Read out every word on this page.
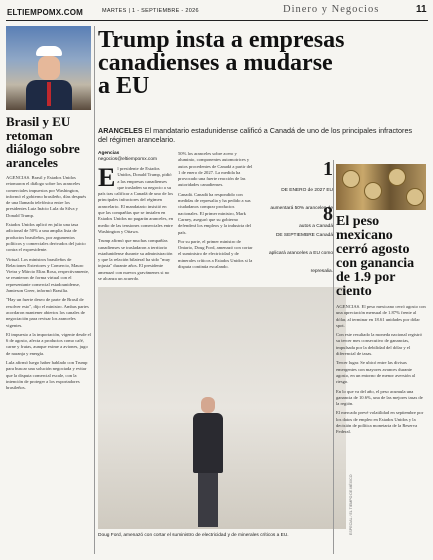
ELTIEMPOMX.COM	MARTES | 1 - SEPTIEMBRE - 2026	Dinero y Negocios	11
Brasil y EU retoman diálogo sobre aranceles

AGENCIAS. Brasil y Estados Unidos retomaron el diálogo sobre los aranceles comerciales impuestos por Washington, informó el gobierno brasileño, días después de una llamada telefónica entre los presidentes Luiz Inácio Lula da Silva y Donald Trump.

Estados Unidos aplicó en julio una tasa adicional de 50% a una amplia lista de productos brasileños, por argumentos políticos y comerciales derivados del juicio contra el expresidente.

Virtual. Los ministros brasileños de Relaciones Exteriores y Comercio, Mauro Vieira y Márcio Elias Rosa, respectivamente, se reunieron de forma virtual con el representante comercial estadounidense, Jamieson Greer, informó Brasilia.

"Hay un fuerte deseo de parte de Brasil de resolver esto", dijo el ministro. Ambas partes acordaron mantener abiertos los canales de negociación para revisar los aranceles vigentes.

El impuesto a la importación, vigente desde el 6 de agosto, afecta a productos como café, carne y frutas, aunque exime a aviones, jugo de naranja y energía.

Lula afirmó luego haber hablado con Trump para buscar una solución negociada y evitar que la disputa comercial escale, con la intención de proteger a los exportadores brasileños.

Trump insta a empresas canadienses a mudarse a EU
ARANCELES El mandatario estadunidense calificó a Canadá de uno de los principales infractores del régimen arancelario.
Agencias
negocios@eltiempomx.com
E l presidente de Estados Unidos, Donald Trump, pidió a las empresas canadienses que trasladen su negocio a su país tras calificar a Canadá de uno de los principales infractores del régimen arancelario. El mandatario insistió en que las compañías que se instalen en Estados Unidos no pagarán aranceles, en medio de las tensiones comerciales entre Washington y Ottawa.

Trump afirmó que muchas compañías canadienses se trasladaron a territorio estadunidense durante su administración y que la relación bilateral ha sido "muy injusta" durante años. El presidente amenazó con nuevos gravámenes si no se alcanza un acuerdo.

50% los aranceles sobre acero y aluminio, componentes automotrices y autos procedentes de Canadá a partir del 1 de enero de 2027. La medida ha provocado una fuerte reacción de las autoridades canadienses.

Canadá. Canadá ha respondido con medidas de represalia y ha pedido a sus ciudadanos comprar productos nacionales. El primer ministro, Mark Carney, aseguró que su gobierno defenderá los empleos y la industria del país.

Por su parte, el primer ministro de Ontario, Doug Ford, amenazó con cortar el suministro de electricidad y de minerales críticos a Estados Unidos si la disputa continúa escalando.

Doug Ford, amenazó con cortar el suministro de electricidad y de minerales críticos a EU.
ESPECIAL / EL TIEMPO DE MÉXICO
1
DE ENERO de 2027 EU aumentará 50% aranceles de autos a Canadá
8
DE SEPTIEMBRE Canadá aplicará aranceles a EU como represalia.
El peso mexicano cerró agosto con ganancia de 1.9 por ciento

AGENCIAS. El peso mexicano cerró agosto con una apreciación mensual de 1.87% frente al dólar, al terminar en 18.61 unidades por dólar spot.

Con este resultado la moneda nacional registró su tercer mes consecutivo de ganancias, impulsada por la debilidad del dólar y el diferencial de tasas.

Tercer lugar. Se ubicó entre las divisas emergentes con mayores avances durante agosto, en un entorno de menor aversión al riesgo.

En lo que va del año, el peso acumula una ganancia de 10.6%, una de las mejores tasas de la región.

El mercado prevé volatilidad en septiembre por los datos de empleo en Estados Unidos y la decisión de política monetaria de la Reserva Federal.
